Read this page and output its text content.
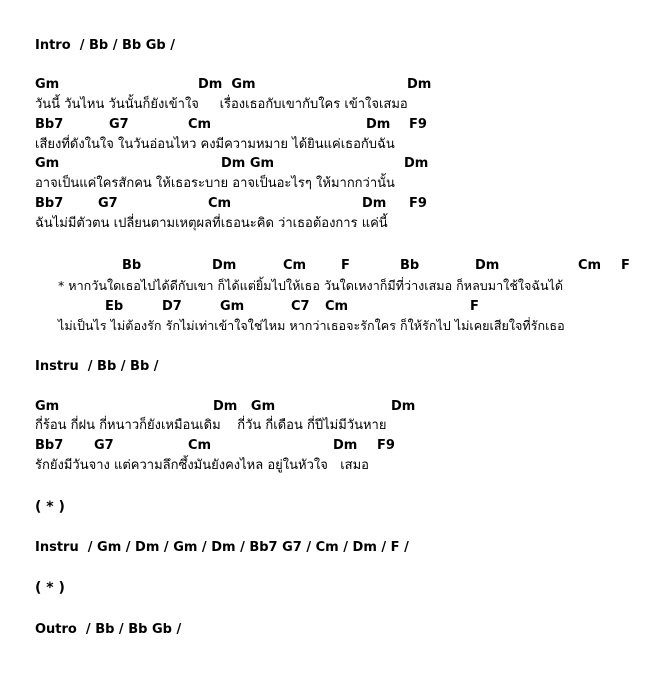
Intro  / Bb / Bb Gb /
Gm	Dm  Gm	Dm
วันนี้ วันไหน วันนั้นก็ยังเข้าใจ     เรื่องเธอกับเขากับใคร เข้าใจเสมอ
Bb7	G7	Cm	Dm F9
เสียงที่ดังในใจ ในวันอ่อนไหว คงมีความหมาย ได้ยินแค่เธอกับฉัน
Gm	Dm Gm	Dm
อาจเป็นแค่ใครสักคน ให้เธอระบาย อาจเป็นอะไรๆ ให้มากกว่านั้น
Bb7	G7	Cm	Dm F9
ฉันไม่มีตัวตน เปลี่ยนตามเหตุผลที่เธอนะคิด ว่าเธอต้องการ แค่นี้
Bb	Dm	Cm	F	Bb	Dm	Cm F
* หากวันใดเธอไปได้ดีกับเขา ก็ได้แต่ยิ้มไปให้เธอ วันใดเหงาก็มีที่ว่างเสมอ ก็หลบมาใช้ใจฉันได้
Eb	D7	Gm	C7 Cm	F
ไม่เป็นไร ไม่ต้องรัก รักไม่เท่าเข้าใจใช่ไหม หากว่าเธอจะรักใคร ก็ให้รักไป ไม่เคยเสียใจที่รักเธอ
Instru  / Bb / Bb /
Gm	Dm   Gm	Dm
กี่ร้อน กี่ฝน กี่หนาวก็ยังเหมือนเดิม    กี่วัน กี่เดือน กี่ปีไม่มีวันหาย
Bb7 G7	Cm	Dm F9
รักยังมีวันจาง แต่ความลึกซึ้งมันยังคงไหล อยู่ในหัวใจ   เสมอ
( * )
Instru  / Gm / Dm / Gm / Dm / Bb7 G7 / Cm / Dm / F /
( * )
Outro  / Bb / Bb Gb /
